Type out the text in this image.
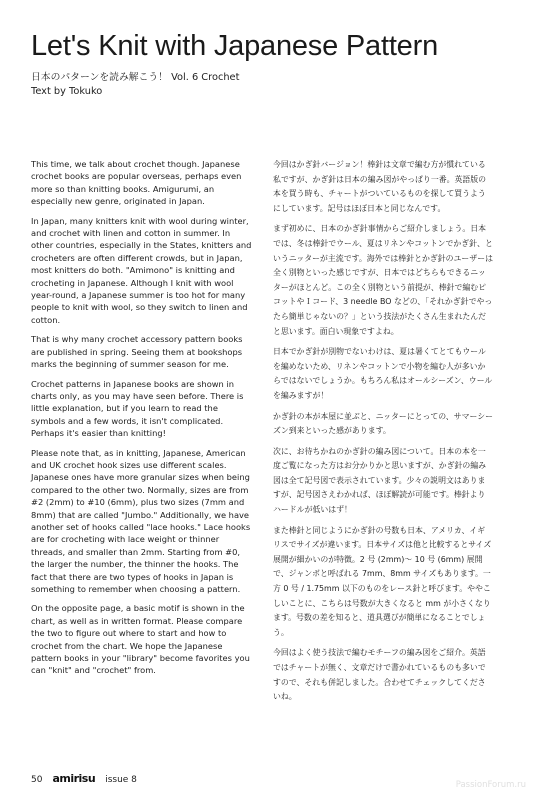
Let's Knit with Japanese Pattern
日本のパターンを読み解こう！ Vol. 6 Crochet
Text by Tokuko

This time, we talk about crochet though. Japanese crochet books are popular overseas, perhaps even more so than knitting books. Amigurumi, an especially new genre, originated in Japan.

In Japan, many knitters knit with wool during winter, and crochet with linen and cotton in summer. In other countries, especially in the States, knitters and crocheters are often different crowds, but in Japan, most knitters do both. "Amimono" is knitting and crocheting in Japanese. Although I knit with wool year-round, a Japanese summer is too hot for many people to knit with wool, so they switch to linen and cotton.

That is why many crochet accessory pattern books are published in spring. Seeing them at bookshops marks the beginning of summer season for me.

Crochet patterns in Japanese books are shown in charts only, as you may have seen before. There is little explanation, but if you learn to read the symbols and a few words, it isn't complicated. Perhaps it's easier than knitting!

Please note that, as in knitting, Japanese, American and UK crochet hook sizes use different scales. Japanese ones have more granular sizes when being compared to the other two. Normally, sizes are from #2 (2mm) to #10 (6mm), plus two sizes (7mm and 8mm) that are called "Jumbo." Additionally, we have another set of hooks called "lace hooks." Lace hooks are for crocheting with lace weight or thinner threads, and smaller than 2mm. Starting from #0, the larger the number, the thinner the hooks. The fact that there are two types of hooks in Japan is something to remember when choosing a pattern.

On the opposite page, a basic motif is shown in the chart, as well as in written format. Please compare the two to figure out where to start and how to crochet from the chart. We hope the Japanese pattern books in your "library" become favorites you can "knit" and "crochet" from.

今回はかぎ針バージョン！棒針は文章で編む方が慣れている私ですが、かぎ針は日本の編み図がやっぱり一番。英語版の本を買う時も、チャートがついているものを探して買うようにしています。記号はほぼ日本と同じなんです。

まず初めに、日本のかぎ針事情からご紹介しましょう。日本では、冬は棒針でウール、夏はリネンやコットンでかぎ針、というニッターが主流です。海外では棒針とかぎ針のユーザーは全く別物といった感じですが、日本ではどちらもできるニッターがほとんど。この全く別物という前提が、棒針で編むピコットやＩコード、3 needle BO などの、「それかぎ針でやったら簡単じゃないの？」という技法がたくさん生まれたんだと思います。面白い現象ですよね。

日本でかぎ針が別物でないわけは、夏は暑くてとてもウールを編めないため、リネンやコットンで小物を編む人が多いからではないでしょうか。もちろん私はオールシーズン、ウールを編みますが！

かぎ針の本が本屋に並ぶと、ニッターにとっての、サマーシーズン到来といった感があります。

次に、お待ちかねのかぎ針の編み図について。日本の本を一度ご覧になった方はお分かりかと思いますが、かぎ針の編み図は全て記号図で表示されています。少々の説明文はありますが、記号図さえわかれば、ほぼ解読が可能です。棒針よりハードルが低いはず！

また棒針と同じようにかぎ針の号数も日本、アメリカ、イギリスでサイズが違います。日本サイズは他と比較するとサイズ展開が細かいのが特徴。2 号 (2mm)〜 10 号 (6mm) 展開で、ジャンボと呼ばれる 7mm、8mm サイズもあります。一方 0 号 / 1.75mm 以下のものをレース針と呼びます。ややこしいことに、こちらは号数が大きくなると mm が小さくなります。号数の差を知ると、道具選びが簡単になることでしょう。

今回はよく使う技法で編むモチーフの編み図をご紹介。英語ではチャートが無く、文章だけで書かれているものも多いですので、それも併記しました。合わせてチェックしてくださいね。

50 amirisu issue 8	PassionForum.ru
